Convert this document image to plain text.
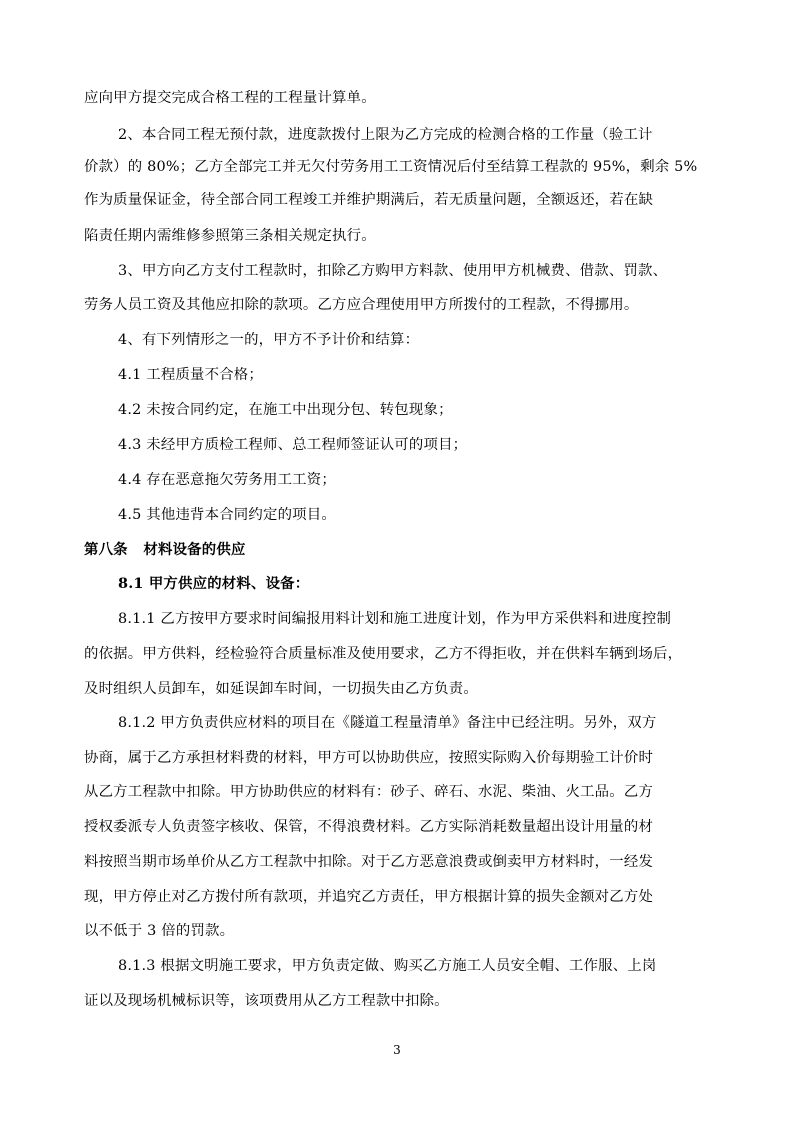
应向甲方提交完成合格工程的工程量计算单。
2、本合同工程无预付款，进度款拨付上限为乙方完成的检测合格的工作量（验工计
价款）的 80%；乙方全部完工并无欠付劳务用工工资情况后付至结算工程款的 95%，剩余 5%
作为质量保证金，待全部合同工程竣工并维护期满后，若无质量问题，全额返还，若在缺
陷责任期内需维修参照第三条相关规定执行。
3、甲方向乙方支付工程款时，扣除乙方购甲方料款、使用甲方机械费、借款、罚款、
劳务人员工资及其他应扣除的款项。乙方应合理使用甲方所拨付的工程款，不得挪用。
4、有下列情形之一的，甲方不予计价和结算：
4.1 工程质量不合格；
4.2 未按合同约定，在施工中出现分包、转包现象；
4.3 未经甲方质检工程师、总工程师签证认可的项目；
4.4 存在恶意拖欠劳务用工工资；
4.5 其他违背本合同约定的项目。
第八条   材料设备的供应
8.1 甲方供应的材料、设备：
8.1.1 乙方按甲方要求时间编报用料计划和施工进度计划，作为甲方采供料和进度控制
的依据。甲方供料，经检验符合质量标准及使用要求，乙方不得拒收，并在供料车辆到场后，
及时组织人员卸车，如延误卸车时间，一切损失由乙方负责。
8.1.2 甲方负责供应材料的项目在《隧道工程量清单》备注中已经注明。另外，双方
协商，属于乙方承担材料费的材料，甲方可以协助供应，按照实际购入价每期验工计价时
从乙方工程款中扣除。甲方协助供应的材料有：砂子、碎石、水泥、柴油、火工品。乙方
授权委派专人负责签字核收、保管，不得浪费材料。乙方实际消耗数量超出设计用量的材
料按照当期市场单价从乙方工程款中扣除。对于乙方恶意浪费或倒卖甲方材料时，一经发
现，甲方停止对乙方拨付所有款项，并追究乙方责任，甲方根据计算的损失金额对乙方处
以不低于 3 倍的罚款。
8.1.3 根据文明施工要求，甲方负责定做、购买乙方施工人员安全帽、工作服、上岗
证以及现场机械标识等，该项费用从乙方工程款中扣除。
3
